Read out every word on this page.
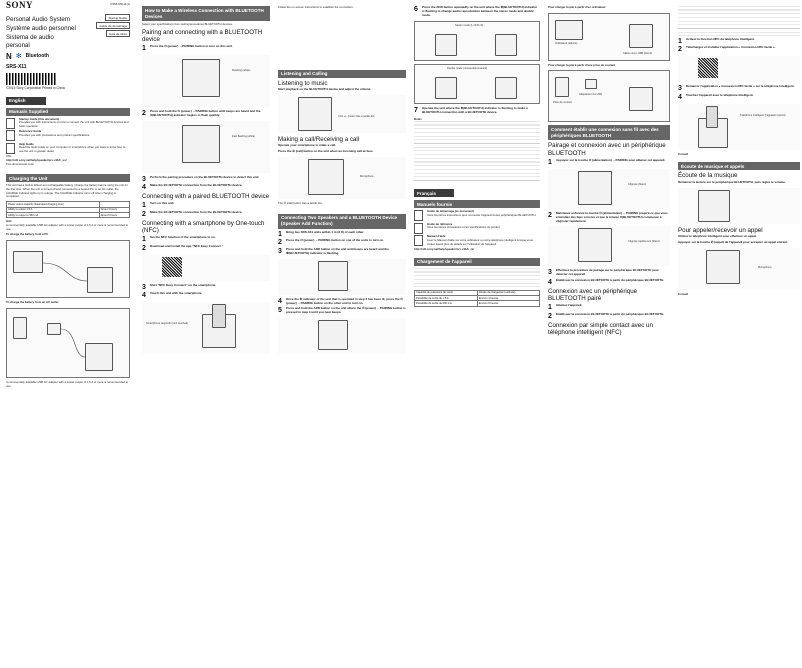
SONY	4-565-978-11(1)
Personal Audio System
Système audio personnel
Sistema de audio personal
Startup Guide
Guide de démarrage
Guía de inicio
N ✻ Bluetooth
SRS-X11
©2015 Sony Corporation Printed in China
English
Manuals Supplied
Startup Guide (this document)
Provides you with instructions on how to connect the unit with BLUETOOTH devices and basic operation.
Reference Guide
Provides you with precautions and product specifications.
Help Guide
Read the Help Guide on your computer or smartphone when you want to know how to use the unit in greater detail.
URL:
http://rd1.sony.net/help/speaker/srs-x11/h_us/
Two-dimensional code
Charging the Unit
This unit has a built-in lithium-ion rechargeable battery. Charge the battery before using the unit for the first time. When the unit is turned off and connected to a booted PC or an AC outlet, the CHARGE indicator lights up in orange. The CHARGE indicator turns off when charging is completed.
Power output capacity (Estimated charging time)	
Ability to output 1.5 A	About 4 hours
Ability to output to 500 mA	About 6 hours
Hint
A commercially available USB AC adapter with a power output of 1.5 A or more is recommended to use.
To charge the battery from a PC
To charge the battery from an AC outlet
A commercially available USB AC adapter with a power output of 1.5 A or more is recommended to use.
How to Make a Wireless Connection with BLUETOOTH Devices
Select your specifications from pairing/procedures BLUETOOTH devices.
Pairing and connecting with a BLUETOOTH device
1	Press the ⏻ (power) ↔PAIRING button to turn on this unit.
Flashing (white)
2	Press and hold the ⏻ (power) ↔PAIRING button until beeps are heard and the ✻(BLUETOOTH) indicator begins to flash quickly.
Fast flashing (white)
3	Perform the pairing procedure on the BLUETOOTH device to detect this unit.
4	Make the BLUETOOTH connection from the BLUETOOTH device.
Connecting with a paired BLUETOOTH device
1	Turn on this unit.
2	Make the BLUETOOTH connection from the BLUETOOTH device.
Connecting with a smartphone by One-touch (NFC)
1	Set the NFC function of the smartphone to on.
2	Download and install the app “NFC Easy Connect.”
3	Start “NFC Easy Connect” on the smartphone.
4	Touch this unit with the smartphone.
Smartphone responds (unit touched)
Follow the on-screen instructions to establish the connection.
Listening and Calling
Listening to music
Start playback on the BLUETOOTH device and adjust the volume.
VOL +/− button has a tactile dot
Making a call/Receiving a call
Operate your smartphone to make a call.
Press the ✆ (call) button on the unit when an incoming call arrives.
Microphone
The ✆ (call) button has a tactile dot.
Connecting Two Speakers and a BLUETOOTH Device (Speaker Add Function)
1	Bring two SRS-X11 units within 1 m (3 ft) of each other.
2	Press the ⏻ (power) ↔PAIRING button on one of the units to turn on.
3	Press and hold the ADD button on the unit until beeps are heard and the ✻(BLUETOOTH) indicator is flashing.
4	Once the ✻ indicator of the unit that is operated in step 3 has been lit, press the ⏻ (power) ↔PAIRING button on the other unit to turn on.
5	Press and hold the ADD button on the unit where the ⏻ (power) ↔PAIRING button is pressed in step 4 until you hear beeps.
6	Press the ADD button repeatedly on the unit where the ✻(BLUETOOTH) indicator is flashing to change audio reproduction between the stereo mode and double mode.
Stereo mode (L ch/R ch)
Double mode (monaural/monaural)
7	Operate the unit where the ✻(BLUETOOTH) indicator is flashing to make a BLUETOOTH connection with a BLUETOOTH device.
Notes
Français
Manuels fournis
Guide de démarrage (ce document)
Vous fournit les instructions pour connecter l'appareil à des périphériques BLUETOOTH.
Guide de référence
Vous fournit les précautions et les spécifications du produit.
Manuel d'aide
Lisez le Manuel d'aide sur votre ordinateur ou votre téléphone intelligent lorsque vous voulez savoir plus de détails sur l'utilisation de l'appareil.
http://rd1.sony.net/help/speaker/srs-x11/h_zz/
Chargement de l'appareil
Capacité de puissance de sortie	(Durée de chargement estimée)
Possibilité de sortie de 1,5 A	Environ 4 heures
Possibilité de sortie de 500 mA	Environ 6 heures
Pour charger la pile à partir d'un ordinateur
Ordinateur (allumé)
Câble micro-USB (fourni)
Pour charger la pile à partir d'une prise de courant
Prise de courant
Adaptateur CA USB
Comment établir une connexion sans fil avec des périphériques BLUETOOTH
Pairage et connexion avec un périphérique BLUETOOTH
1	Appuyez sur la touche ⏻ (alimentation) ↔PAIRING pour allumer cet appareil.
Clignote (blanc)
2	Maintenez enfoncée la touche ⏻ (alimentation) ↔PAIRING jusqu'à ce que vous entendiez des bips sonores et que le témoin ✻(BLUETOOTH) commence à clignoter rapidement.
Clignote rapidement (blanc)
3	Effectuez la procédure de pairage sur le périphérique BLUETOOTH pour détecter cet appareil.
4	Établissez la connexion BLUETOOTH à partir du périphérique BLUETOOTH.
Connexion avec un périphérique BLUETOOTH pairé
1	Allumez l'appareil.
2	Établissez la connexion BLUETOOTH à partir du périphérique BLUETOOTH.
Connexion par simple contact avec un téléphone intelligent (NFC)
1	Activez la fonction NFC du téléphone intelligent.
2	Téléchargez et installez l'application « Connexion NFC facile ».
3	Démarrez l'application « Connexion NFC facile » sur le téléphone intelligent.
4	Touchez l'appareil avec le téléphone intelligent.
Téléphone intelligent (l'appareil répond)
Conseil
Écoute de musique et appels
Écoute de la musique
Démarrez la lecture sur le périphérique BLUETOOTH, puis réglez le volume.
Pour appeler/recevoir un appel
Utilisez le téléphone intelligent pour effectuer un appel.
Appuyez sur la touche ✆ (appel) de l'appareil pour accepter un appel entrant.
Microphone
Conseil
